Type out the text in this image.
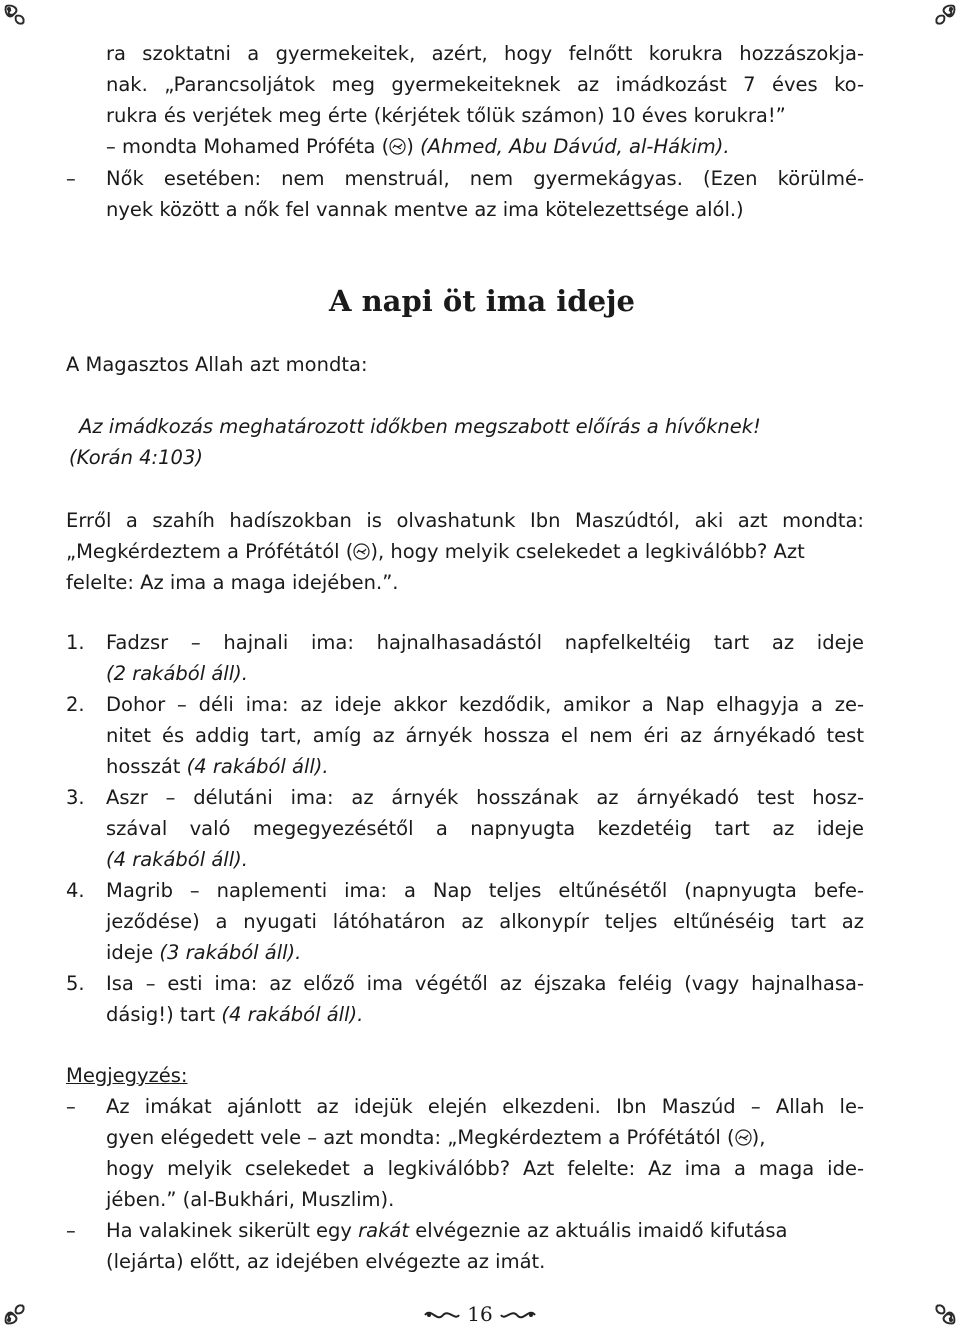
ra szoktatni a gyermekeitek, azért, hogy felnőtt korukra hozzászokja-
nak. „Parancsoljátok meg gyermekeiteknek az imádkozást 7 éves ko-
rukra és verjétek meg érte (kérjétek tőlük számon) 10 éves korukra!”
– mondta Mohamed Próféta ( ) (Ahmed, Abu Dávúd, al-Hákim).
– Nők esetében: nem menstruál, nem gyermekágyas. (Ezen körülmé-
nyek között a nők fel vannak mentve az ima kötelezettsége alól.)
A napi öt ima ideje
A Magasztos Allah azt mondta:
Az imádkozás meghatározott időkben megszabott előírás a hívőknek!
(Korán 4:103)
Erről a szahíh hadíszokban is olvashatunk Ibn Maszúdtól, aki azt mondta:
„Megkérdeztem a Prófétától ( ), hogy melyik cselekedet a legkiválóbb? Azt
felelte: Az ima a maga idejében.”.
1. Fadzsr – hajnali ima: hajnalhasadástól napfelkeltéig tart az ideje
(2 rakából áll).
2. Dohor – déli ima: az ideje akkor kezdődik, amikor a Nap elhagyja a ze-
nitet és addig tart, amíg az árnyék hossza el nem éri az árnyékadó test
hosszát (4 rakából áll).
3. Aszr – délutáni ima: az árnyék hosszának az árnyékadó test hosz-
szával való megegyezésétől a napnyugta kezdetéig tart az ideje
(4 rakából áll).
4. Magrib – naplementi ima: a Nap teljes eltűnésétől (napnyugta befe-
jeződése) a nyugati látóhatáron az alkonypír teljes eltűnéséig tart az
ideje (3 rakából áll).
5. Isa – esti ima: az előző ima végétől az éjszaka feléig (vagy hajnalhasa-
dásig!) tart (4 rakából áll).
Megjegyzés:
– Az imákat ajánlott az idejük elején elkezdeni. Ibn Maszúd – Allah le-
gyen elégedett vele – azt mondta: „Megkérdeztem a Prófétától ( ),
hogy melyik cselekedet a legkiválóbb? Azt felelte: Az ima a maga ide-
jében.” (al-Bukhári, Muszlim).
– Ha valakinek sikerült egy rakát elvégeznie az aktuális imaidő kifutása
(lejárta) előtt, az idejében elvégezte az imát.
16
